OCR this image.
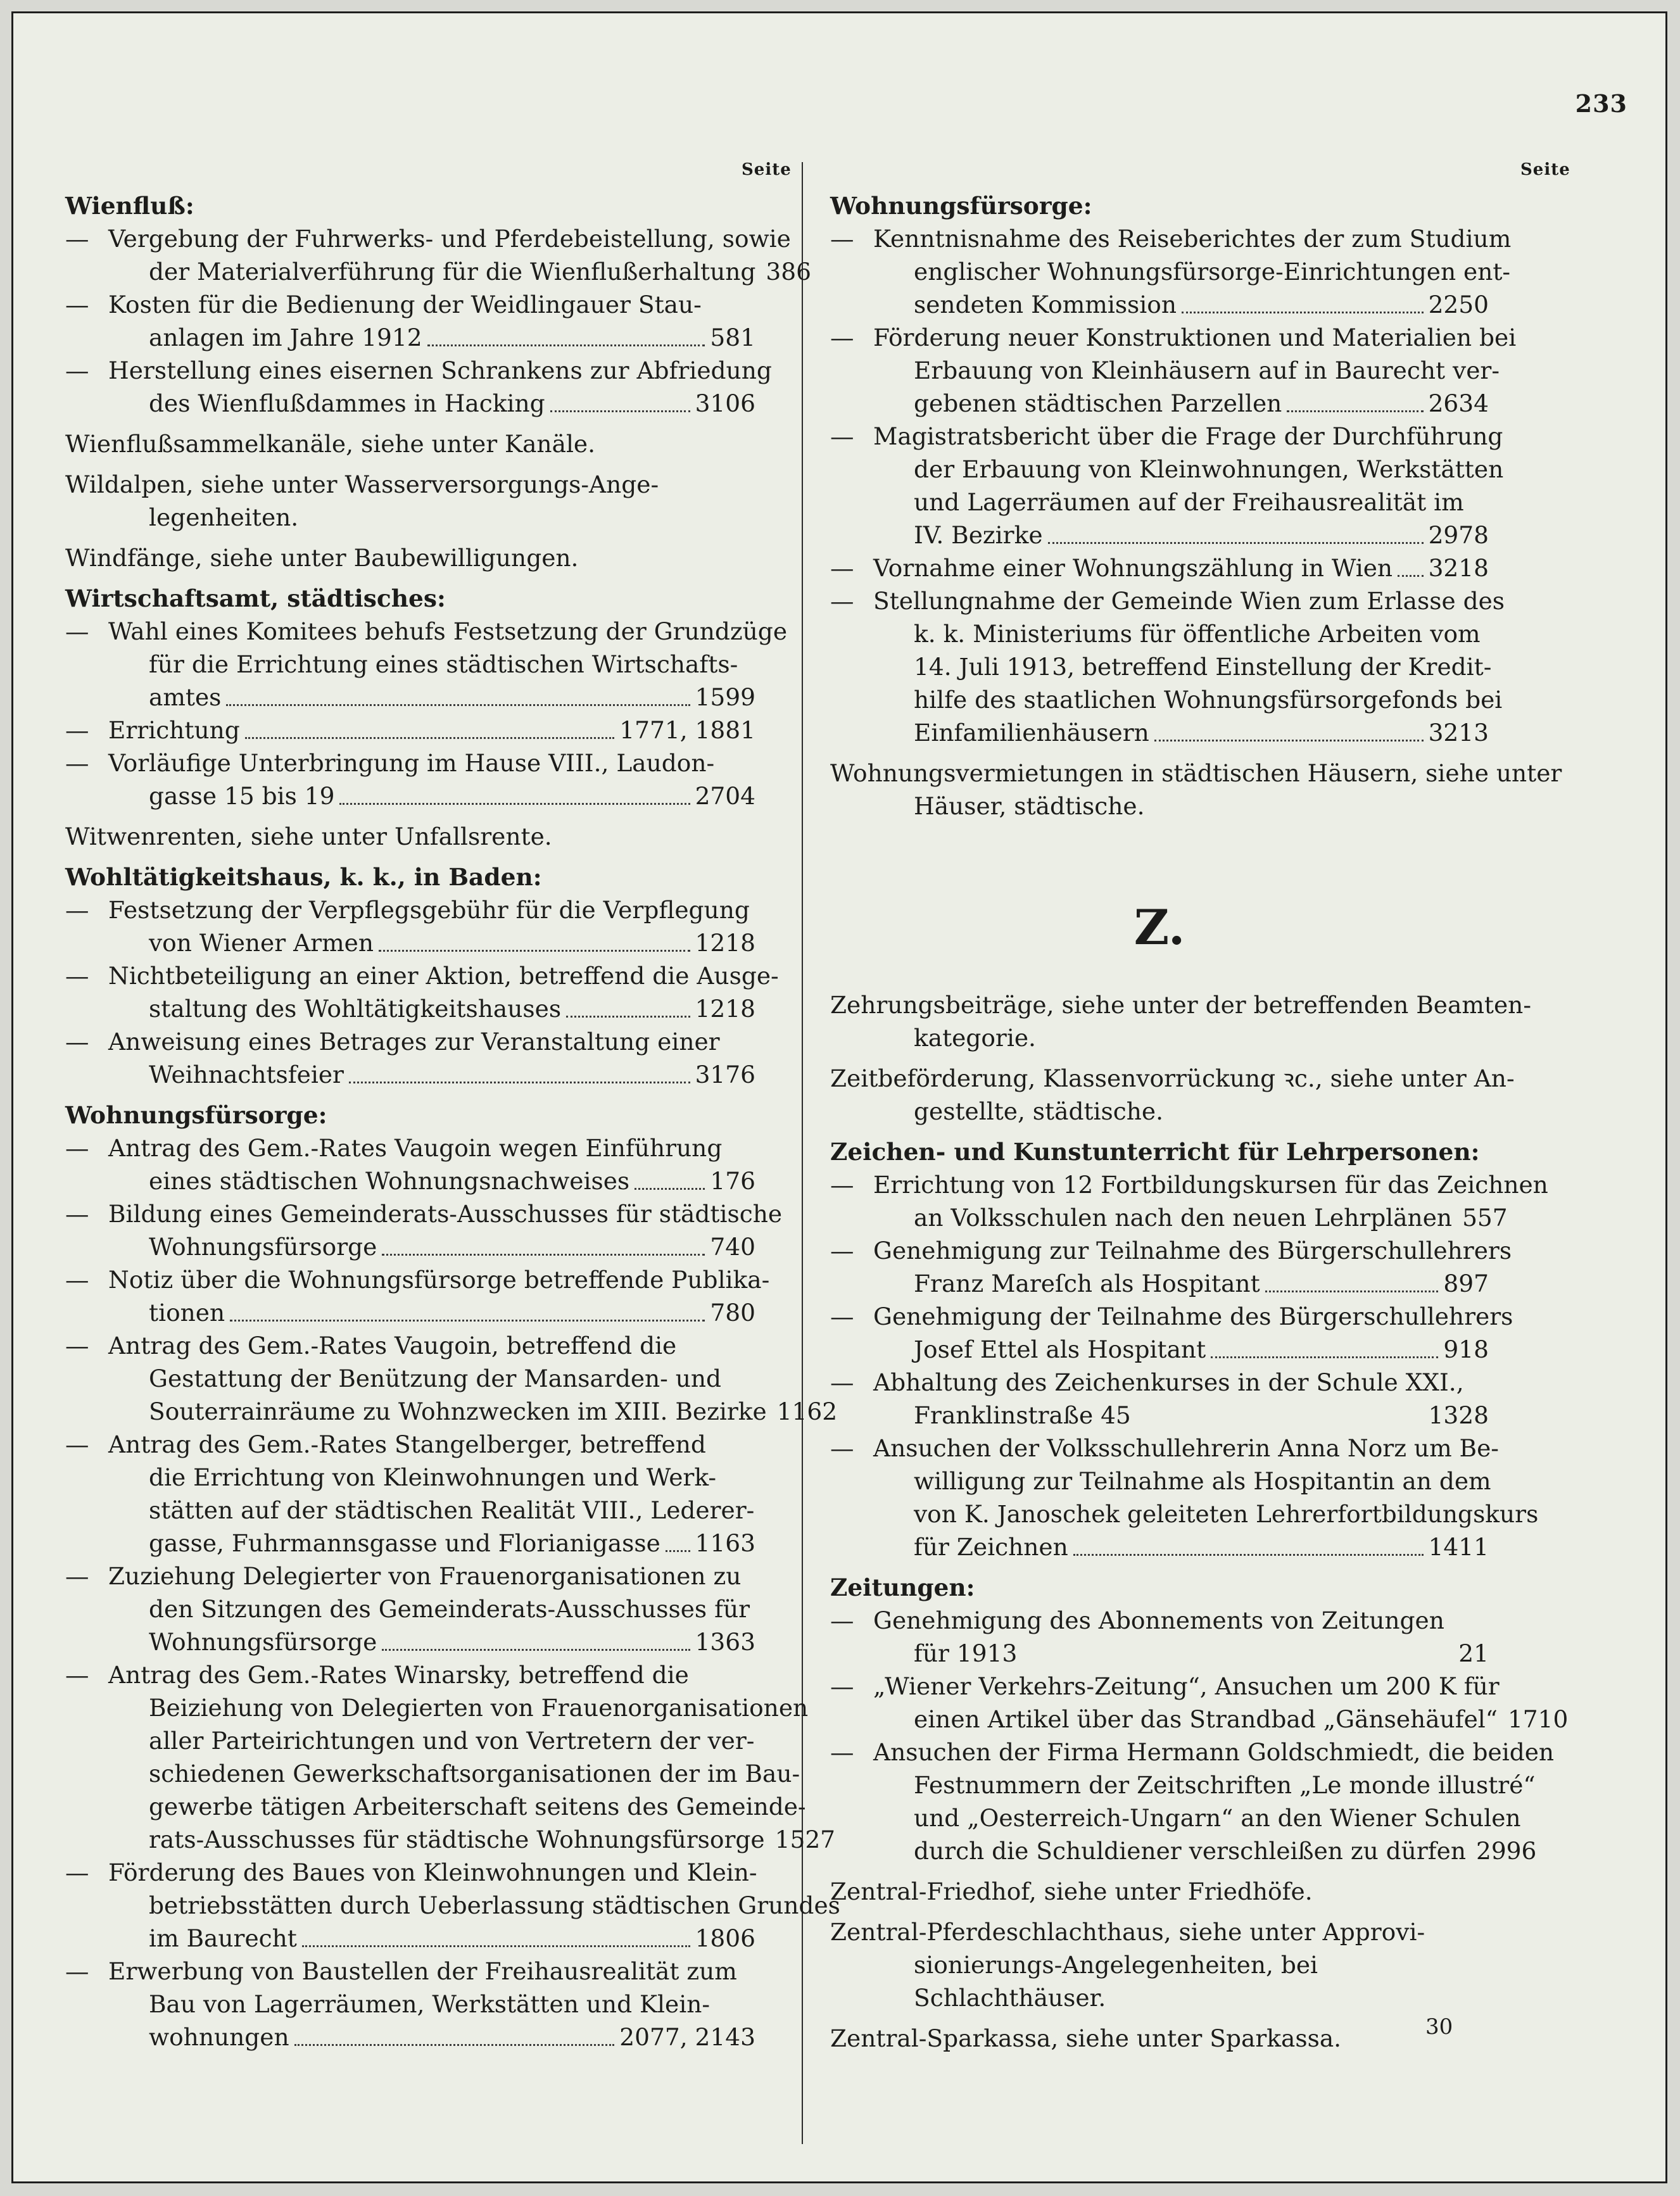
233
Seite	Seite
Wienfluß:
— Vergebung der Fuhrwerks- und Pferdebeistellung, sowie
der Materialverführung für die Wienflußerhaltung 386
— Kosten für die Bedienung der Weidlingauer Stau-
anlagen im Jahre 1912	581
— Herstellung eines eisernen Schrankens zur Abfriedung
des Wienflußdammes in Hacking	3106
Wienflußsammelkanäle, siehe unter Kanäle.
Wildalpen, siehe unter Wasserversorgungs-Ange-
legenheiten.
Windfänge, siehe unter Baubewilligungen.
Wirtschaftsamt, städtisches:
— Wahl eines Komitees behufs Festsetzung der Grundzüge
für die Errichtung eines städtischen Wirtschafts-
amtes	1599
— Errichtung	1771, 1881
— Vorläufige Unterbringung im Hause VIII., Laudon-
gasse 15 bis 19	2704
Witwenrenten, siehe unter Unfallsrente.
Wohltätigkeitshaus, k. k., in Baden:
— Festsetzung der Verpflegsgebühr für die Verpflegung
von Wiener Armen	1218
— Nichtbeteiligung an einer Aktion, betreffend die Ausge-
staltung des Wohltätigkeitshauses	1218
— Anweisung eines Betrages zur Veranstaltung einer
Weihnachtsfeier	3176
Wohnungsfürsorge:
— Antrag des Gem.-Rates Vaugoin wegen Einführung
eines städtischen Wohnungsnachweises	176
— Bildung eines Gemeinderats-Ausschusses für städtische
Wohnungsfürsorge	740
— Notiz über die Wohnungsfürsorge betreffende Publika-
tionen	780
— Antrag des Gem.-Rates Vaugoin, betreffend die
Gestattung der Benützung der Mansarden- und
Souterrainräume zu Wohnzwecken im XIII. Bezirke 1162
— Antrag des Gem.-Rates Stangelberger, betreffend
die Errichtung von Kleinwohnungen und Werk-
stätten auf der städtischen Realität VIII., Lederer-
gasse, Fuhrmannsgasse und Florianigasse 1163
— Zuziehung Delegierter von Frauenorganisationen zu
den Sitzungen des Gemeinderats-Ausschusses für
Wohnungsfürsorge	1363
— Antrag des Gem.-Rates Winarsky, betreffend die
Beiziehung von Delegierten von Frauenorganisationen
aller Parteirichtungen und von Vertretern der ver-
schiedenen Gewerkschaftsorganisationen der im Bau-
gewerbe tätigen Arbeiterschaft seitens des Gemeinde-
rats-Ausschusses für städtische Wohnungsfürsorge 1527
— Förderung des Baues von Kleinwohnungen und Klein-
betriebsstätten durch Ueberlassung städtischen Grundes
im Baurecht	1806
— Erwerbung von Baustellen der Freihausrealität zum
Bau von Lagerräumen, Werkstätten und Klein-
wohnungen	2077, 2143
Wohnungsfürsorge:
— Kenntnisnahme des Reiseberichtes der zum Studium
englischer Wohnungsfürsorge-Einrichtungen ent-
sendeten Kommission	2250
— Förderung neuer Konstruktionen und Materialien bei
Erbauung von Kleinhäusern auf in Baurecht ver-
gebenen städtischen Parzellen	2634
— Magistratsbericht über die Frage der Durchführung
der Erbauung von Kleinwohnungen, Werkstätten
und Lagerräumen auf der Freihausrealität im
IV. Bezirke	2978
— Vornahme einer Wohnungszählung in Wien 3218
— Stellungnahme der Gemeinde Wien zum Erlasse des
k. k. Ministeriums für öffentliche Arbeiten vom
14. Juli 1913, betreffend Einstellung der Kredit-
hilfe des staatlichen Wohnungsfürsorgefonds bei
Einfamilienhäusern	3213
Wohnungsvermietungen in städtischen Häusern, siehe unter
Häuser, städtische.
Z.
Zehrungsbeiträge, siehe unter der betreffenden Beamten-
kategorie.
Zeitbeförderung, Klassenvorrückung ꝛc., siehe unter An-
gestellte, städtische.
Zeichen- und Kunstunterricht für Lehrpersonen:
— Errichtung von 12 Fortbildungskursen für das Zeichnen
an Volksschulen nach den neuen Lehrplänen 557
— Genehmigung zur Teilnahme des Bürgerschullehrers
Franz Mareſch als Hospitant	897
— Genehmigung der Teilnahme des Bürgerschullehrers
Josef Ettel als Hospitant	918
— Abhaltung des Zeichenkurses in der Schule XXI.,
Franklinstraße 45	1328
— Ansuchen der Volksschullehrerin Anna Norz um Be-
willigung zur Teilnahme als Hospitantin an dem
von K. Janoschek geleiteten Lehrerfortbildungskurs
für Zeichnen	1411
Zeitungen:
— Genehmigung des Abonnements von Zeitungen
für 1913	21
— „Wiener Verkehrs-Zeitung“, Ansuchen um 200 K für
einen Artikel über das Strandbad „Gänsehäufel“ 1710
— Ansuchen der Firma Hermann Goldschmiedt, die beiden
Festnummern der Zeitschriften „Le monde illustré“
und „Oesterreich-Ungarn“ an den Wiener Schulen
durch die Schuldiener verschleißen zu dürfen 2996
Zentral-Friedhof, siehe unter Friedhöfe.
Zentral-Pferdeschlachthaus, siehe unter Approvi-
sionierungs-Angelegenheiten, bei
Schlachthäuser.
Zentral-Sparkassa, siehe unter Sparkassa.	30
